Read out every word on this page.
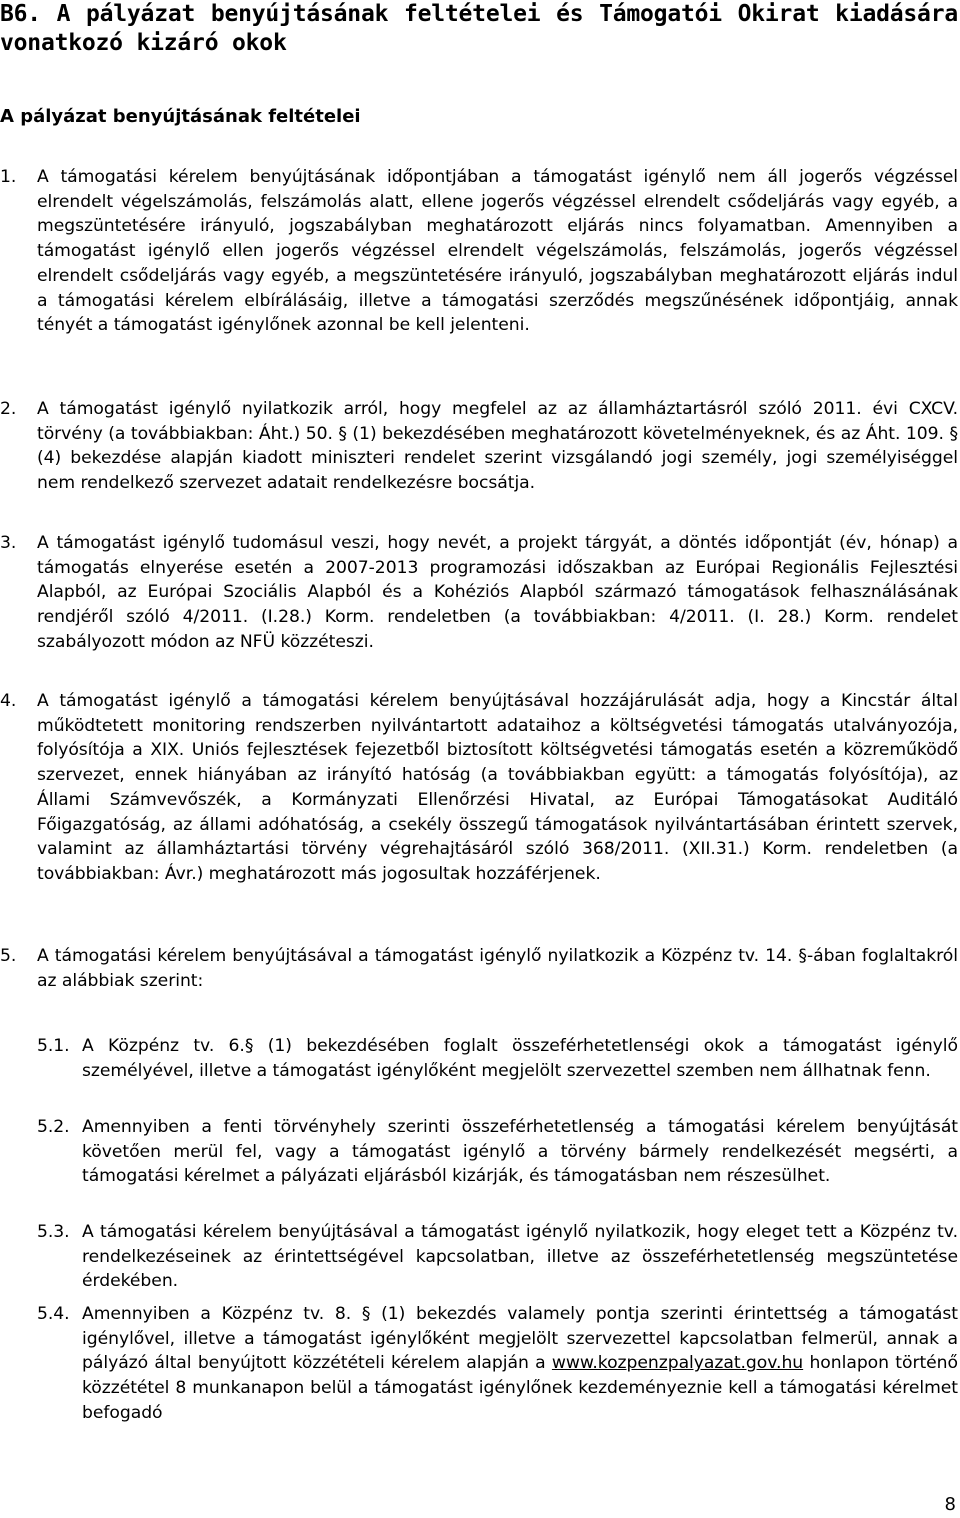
B6. A pályázat benyújtásának feltételei és Támogatói Okirat kiadására vonatkozó kizáró okok
A pályázat benyújtásának feltételei
1. A támogatási kérelem benyújtásának időpontjában a támogatást igénylő nem áll jogerős végzéssel elrendelt végelszámolás, felszámolás alatt, ellene jogerős végzéssel elrendelt csődeljárás vagy egyéb, a megszüntetésére irányuló, jogszabályban meghatározott eljárás nincs folyamatban. Amennyiben a támogatást igénylő ellen jogerős végzéssel elrendelt végelszámolás, felszámolás, jogerős végzéssel elrendelt csődeljárás vagy egyéb, a megszüntetésére irányuló, jogszabályban meghatározott eljárás indul a támogatási kérelem elbírálásáig, illetve a támogatási szerződés megszűnésének időpontjáig, annak tényét a támogatást igénylőnek azonnal be kell jelenteni.
2. A támogatást igénylő nyilatkozik arról, hogy megfelel az az államháztartásról szóló 2011. évi CXCV. törvény (a továbbiakban: Áht.) 50. § (1) bekezdésében meghatározott követelményeknek, és az Áht. 109. § (4) bekezdése alapján kiadott miniszteri rendelet szerint vizsgálandó jogi személy, jogi személyiséggel nem rendelkező szervezet adatait rendelkezésre bocsátja.
3. A támogatást igénylő tudomásul veszi, hogy nevét, a projekt tárgyát, a döntés időpontját (év, hónap) a támogatás elnyerése esetén a 2007-2013 programozási időszakban az Európai Regionális Fejlesztési Alapból, az Európai Szociális Alapból és a Kohéziós Alapból származó támogatások felhasználásának rendjéről szóló 4/2011. (I.28.) Korm. rendeletben (a továbbiakban: 4/2011. (I. 28.) Korm. rendelet szabályozott módon az NFÜ közzéteszi.
4. A támogatást igénylő a támogatási kérelem benyújtásával hozzájárulását adja, hogy a Kincstár által működtetett monitoring rendszerben nyilvántartott adataihoz a költségvetési támogatás utalványozója, folyósítója a XIX. Uniós fejlesztések fejezetből biztosított költségvetési támogatás esetén a közreműködő szervezet, ennek hiányában az irányító hatóság (a továbbiakban együtt: a támogatás folyósítója), az Állami Számvevőszék, a Kormányzati Ellenőrzési Hivatal, az Európai Támogatásokat Auditáló Főigazgatóság, az állami adóhatóság, a csekély összegű támogatások nyilvántartásában érintett szervek, valamint az államháztartási törvény végrehajtásáról szóló 368/2011. (XII.31.) Korm. rendeletben (a továbbiakban: Ávr.) meghatározott más jogosultak hozzáférjenek.
5. A támogatási kérelem benyújtásával a támogatást igénylő nyilatkozik a Közpénz tv. 14. §-ában foglaltakról az alábbiak szerint:
5.1. A Közpénz tv. 6.§ (1) bekezdésében foglalt összeférhetetlenségi okok a támogatást igénylő személyével, illetve a támogatást igénylőként megjelölt szervezettel szemben nem állhatnak fenn.
5.2. Amennyiben a fenti törvényhely szerinti összeférhetetlenség a támogatási kérelem benyújtását követően merül fel, vagy a támogatást igénylő a törvény bármely rendelkezését megsérti, a támogatási kérelmet a pályázati eljárásból kizárják, és támogatásban nem részesülhet.
5.3. A támogatási kérelem benyújtásával a támogatást igénylő nyilatkozik, hogy eleget tett a Közpénz tv. rendelkezéseinek az érintettségével kapcsolatban, illetve az összeférhetetlenség megszüntetése érdekében.
5.4. Amennyiben a Közpénz tv. 8. § (1) bekezdés valamely pontja szerinti érintettség a támogatást igénylővel, illetve a támogatást igénylőként megjelölt szervezettel kapcsolatban felmerül, annak a pályázó által benyújtott közzétételi kérelem alapján a www.kozpenzpalyazat.gov.hu honlapon történő közzététel 8 munkanapon belül a támogatást igénylőnek kezdeményeznie kell a támogatási kérelmet befogadó
8
